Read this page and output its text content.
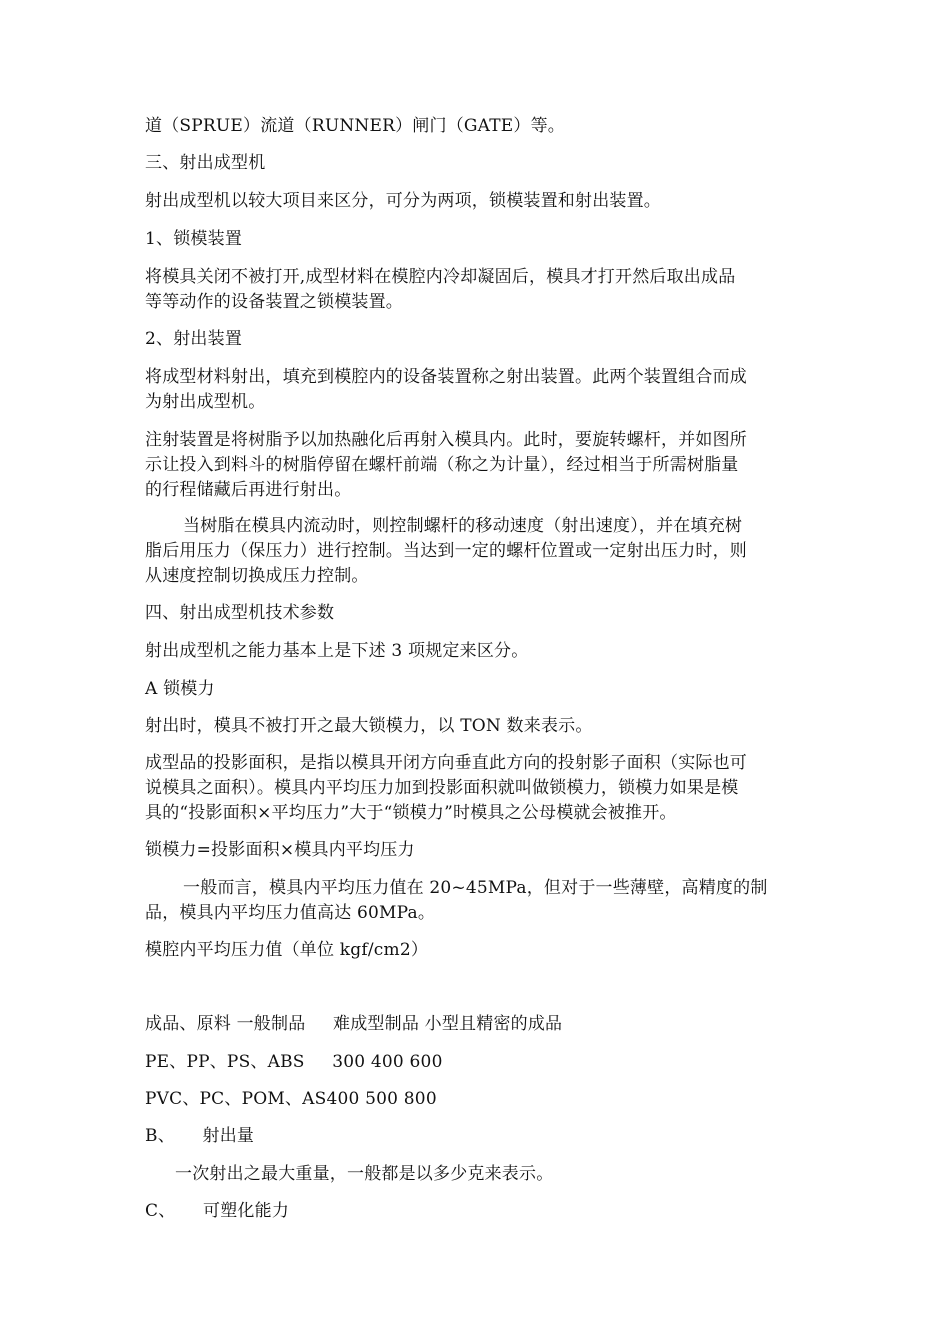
道（SPRUE）流道（RUNNER）闸门（GATE）等。
三、射出成型机
射出成型机以较大项目来区分，可分为两项，锁模装置和射出装置。
1、锁模装置
将模具关闭不被打开,成型材料在模腔内冷却凝固后，模具才打开然后取出成品
等等动作的设备装置之锁模装置。
2、射出装置
将成型材料射出，填充到模腔内的设备装置称之射出装置。此两个装置组合而成
为射出成型机。
注射装置是将树脂予以加热融化后再射入模具内。此时，要旋转螺杆，并如图所
示让投入到料斗的树脂停留在螺杆前端（称之为计量），经过相当于所需树脂量
的行程储藏后再进行射出。
当树脂在模具内流动时，则控制螺杆的移动速度（射出速度），并在填充树
脂后用压力（保压力）进行控制。当达到一定的螺杆位置或一定射出压力时，则
从速度控制切换成压力控制。
四、射出成型机技术参数
射出成型机之能力基本上是下述 3 项规定来区分。
A 锁模力
射出时，模具不被打开之最大锁模力，以 TON 数来表示。
成型品的投影面积，是指以模具开闭方向垂直此方向的投射影子面积（实际也可
说模具之面积）。模具内平均压力加到投影面积就叫做锁模力，锁模力如果是模
具的“投影面积×平均压力”大于“锁模力”时模具之公母模就会被推开。
锁模力=投影面积×模具内平均压力
一般而言，模具内平均压力值在 20~45MPa，但对于一些薄壁，高精度的制
品，模具内平均压力值高达 60MPa。
模腔内平均压力值（单位 kgf/cm2）
成品、原料 一般制品 难成型制品 小型且精密的成品
PE、PP、PS、ABS 300 400 600
PVC、PC、POM、AS400 500 800
B、 射出量
一次射出之最大重量，一般都是以多少克来表示。
C、 可塑化能力
